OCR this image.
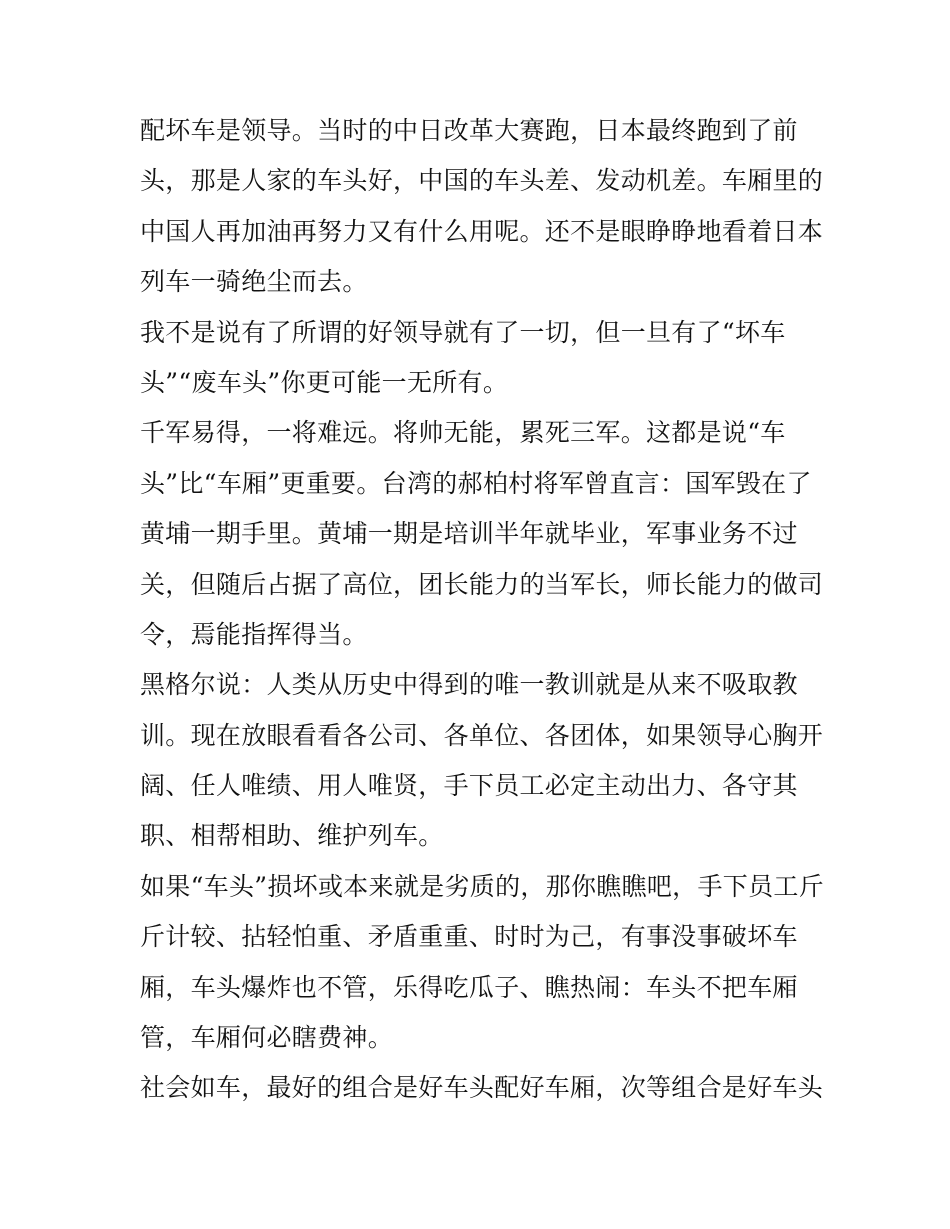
配坏车是领导。当时的中日改革大赛跑，日本最终跑到了前
头，那是人家的车头好，中国的车头差、发动机差。车厢里的
中国人再加油再努力又有什么用呢。还不是眼睁睁地看着日本
列车一骑绝尘而去。
我不是说有了所谓的好领导就有了一切，但一旦有了“坏车
头”“废车头”你更可能一无所有。
千军易得，一将难远。将帅无能，累死三军。这都是说“车
头”比“车厢”更重要。台湾的郝柏村将军曾直言：国军毁在了
黄埔一期手里。黄埔一期是培训半年就毕业，军事业务不过
关，但随后占据了高位，团长能力的当军长，师长能力的做司
令，焉能指挥得当。
黑格尔说：人类从历史中得到的唯一教训就是从来不吸取教
训。现在放眼看看各公司、各单位、各团体，如果领导心胸开
阔、任人唯绩、用人唯贤，手下员工必定主动出力、各守其
职、相帮相助、维护列车。
如果“车头”损坏或本来就是劣质的，那你瞧瞧吧，手下员工斤
斤计较、拈轻怕重、矛盾重重、时时为己，有事没事破坏车
厢，车头爆炸也不管，乐得吃瓜子、瞧热闹：车头不把车厢
管，车厢何必瞎费神。
社会如车，最好的组合是好车头配好车厢，次等组合是好车头
